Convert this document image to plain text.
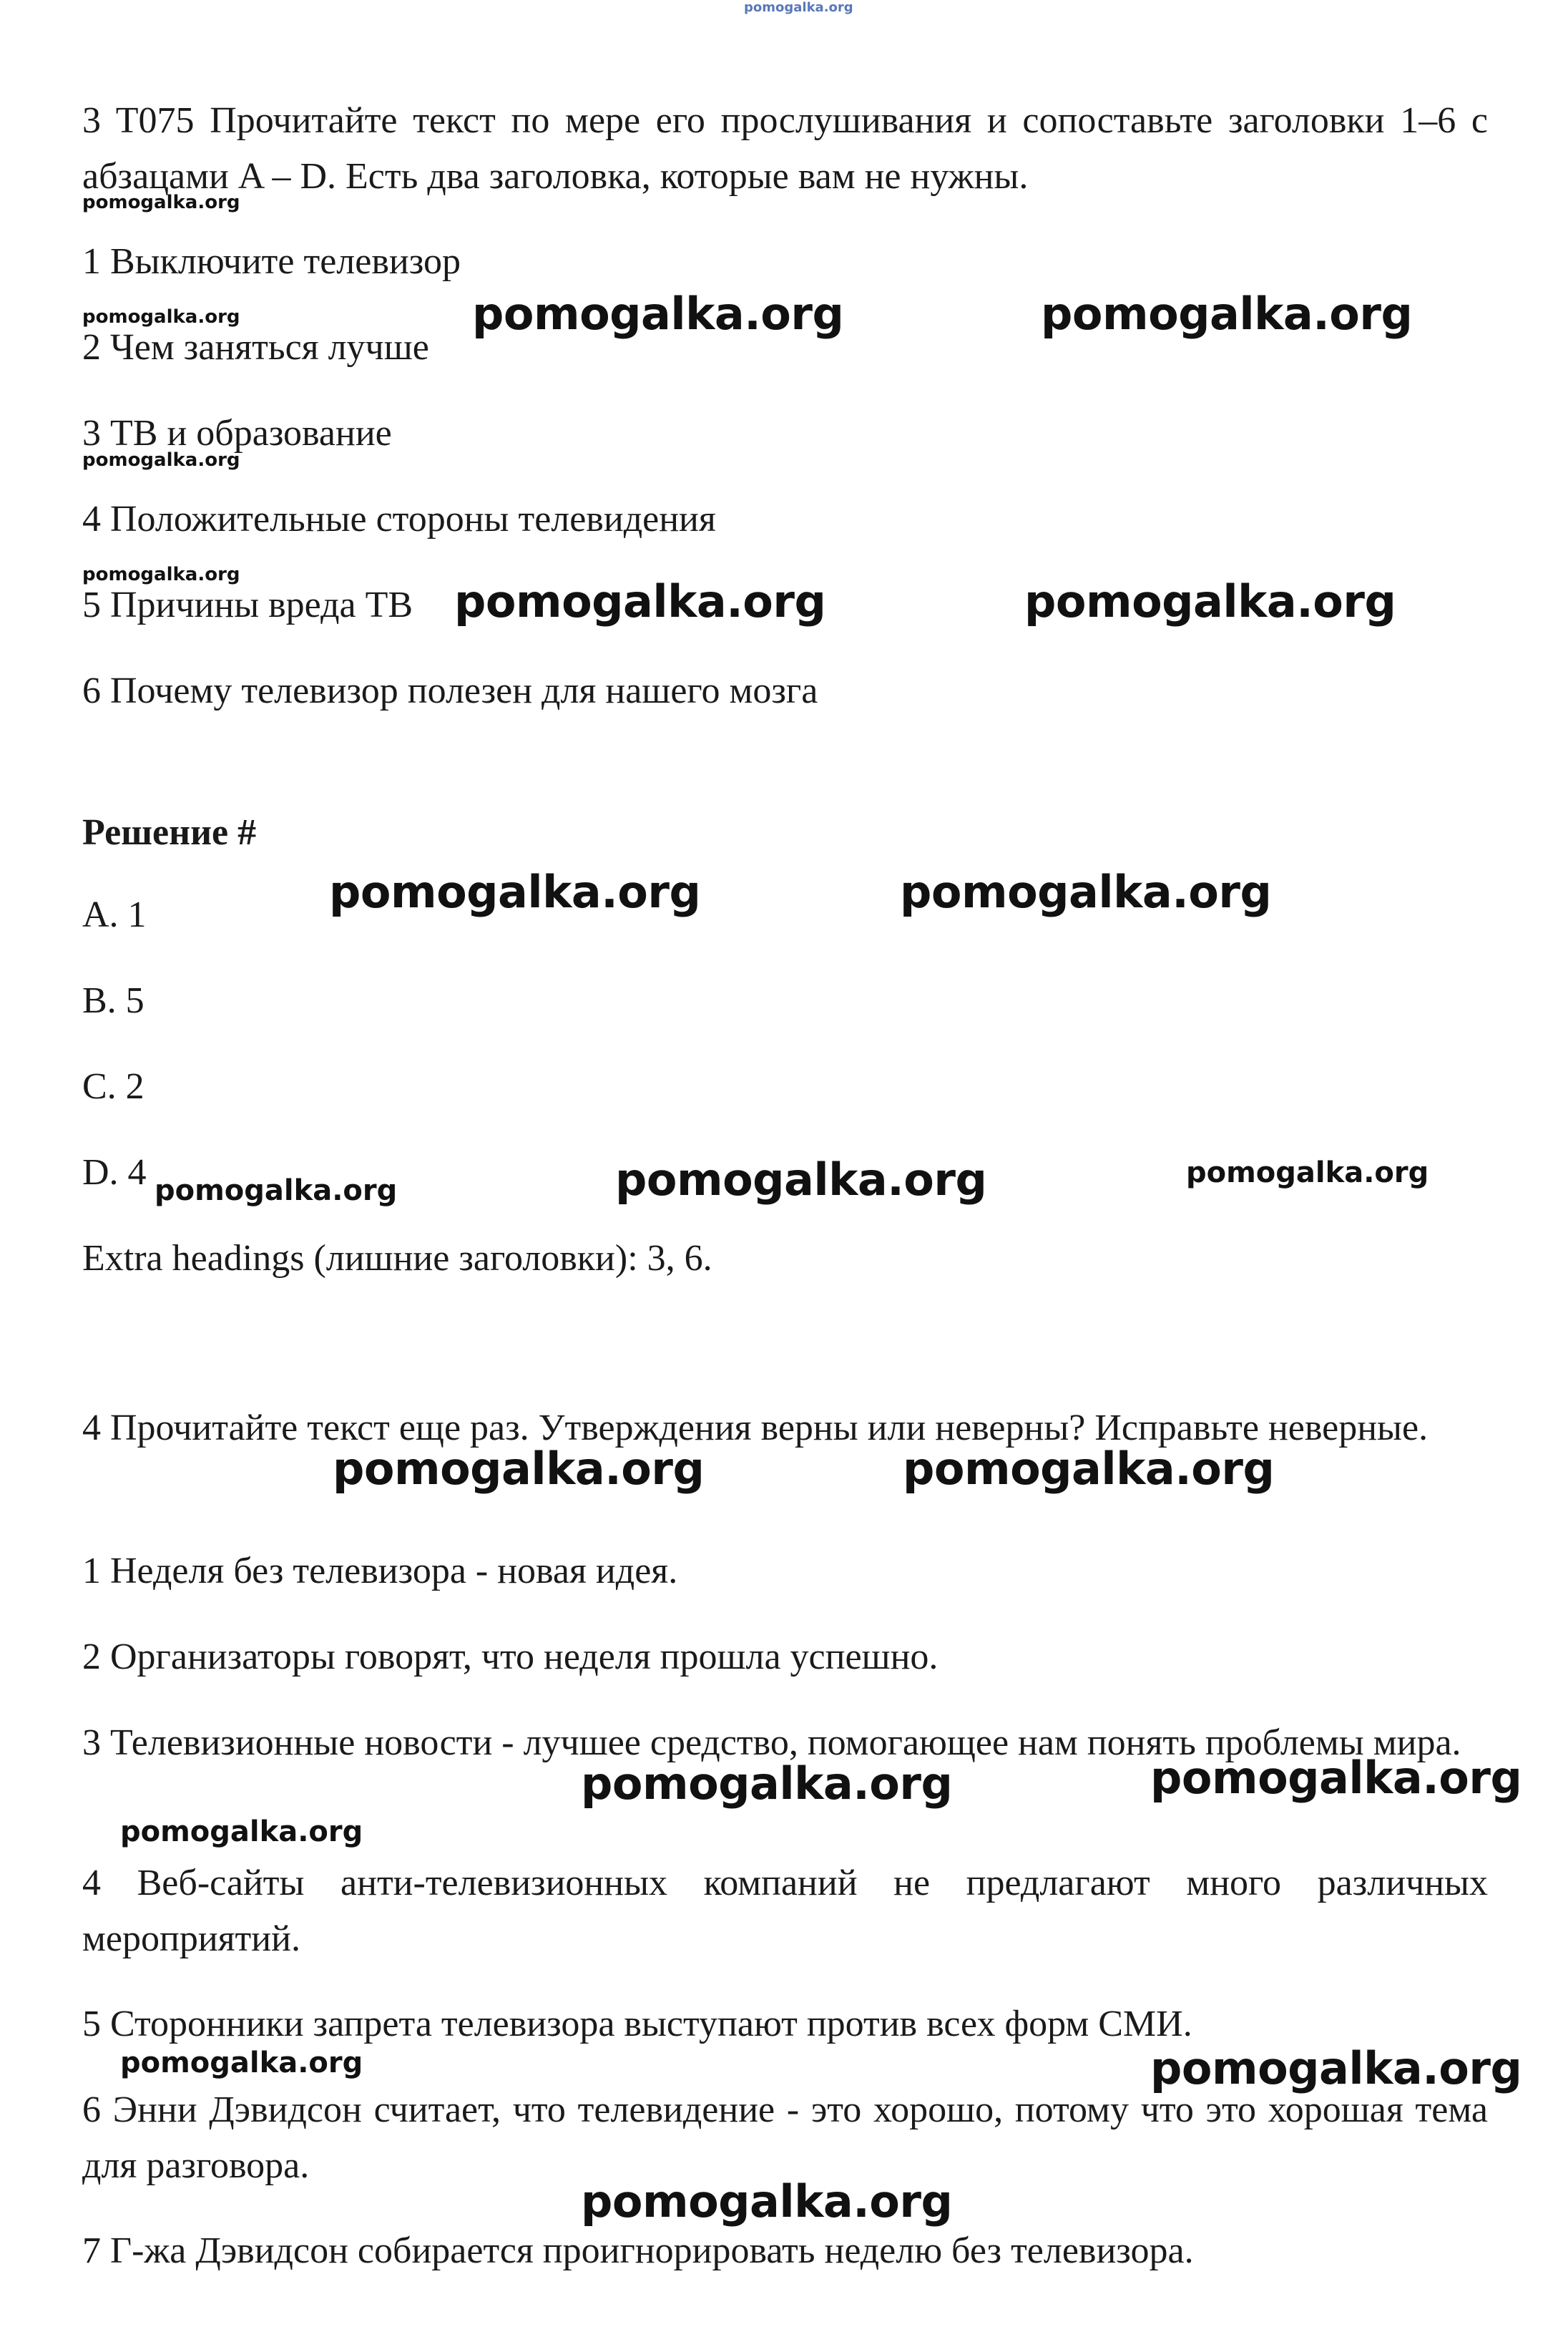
pomogalka.org
3 T075 Прочитайте текст по мере его прослушивания и сопоставьте заголовки 1–6 с абзацами A – D. Есть два заголовка, которые вам не нужны.
1 Выключите телевизор
2 Чем заняться лучше
3 ТВ и образование
4 Положительные стороны телевидения
5 Причины вреда ТВ
6 Почему телевизор полезен для нашего мозга
Решение #
A. 1
B. 5
C. 2
D. 4
Extra headings (лишние заголовки): 3, 6.
4 Прочитайте текст еще раз. Утверждения верны или неверны? Исправьте неверные.
1 Неделя без телевизора - новая идея.
2 Организаторы говорят, что неделя прошла успешно.
3 Телевизионные новости - лучшее средство, помогающее нам понять проблемы мира.
4 Веб-сайты анти-телевизионных компаний не предлагают много различных мероприятий.
5 Сторонники запрета телевизора выступают против всех форм СМИ.
6 Энни Дэвидсон считает, что телевидение - это хорошо, потому что это хорошая тема для разговора.
7 Г-жа Дэвидсон собирается проигнорировать неделю без телевизора.
pomogalka.org
pomogalka.org	pomogalka.org	pomogalka.org
pomogalka.org
pomogalka.org
pomogalka.org	pomogalka.org
pomogalka.org	pomogalka.org
pomogalka.org	pomogalka.org	pomogalka.org
pomogalka.org	pomogalka.org
pomogalka.org	pomogalka.org
pomogalka.org
pomogalka.org	pomogalka.org
pomogalka.org
